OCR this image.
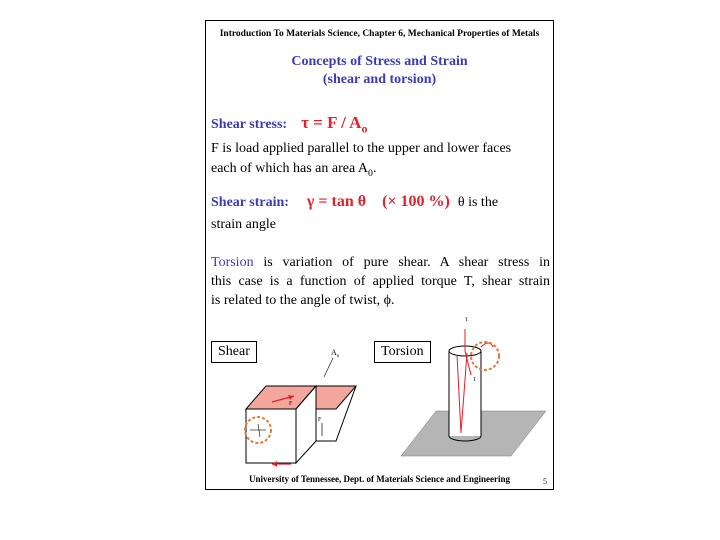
Introduction To Materials Science, Chapter 6, Mechanical Properties of Metals
Concepts of Stress and Strain
(shear and torsion)
Shear stress: $\tau = F / A_o$
F is load applied parallel to the upper and lower faces
each of which has an area $A_0$.
Shear strain: γ = tan θ (× 100 %) θ is the
strain angle
Torsion is variation of pure shear. A shear stress in
this case is a function of applied torque T, shear strain
is related to the angle of twist, ϕ.
Shear	Torsion
$A_o$
F
F
τ
τ
University of Tennessee, Dept. of Materials Science and Engineering	5
